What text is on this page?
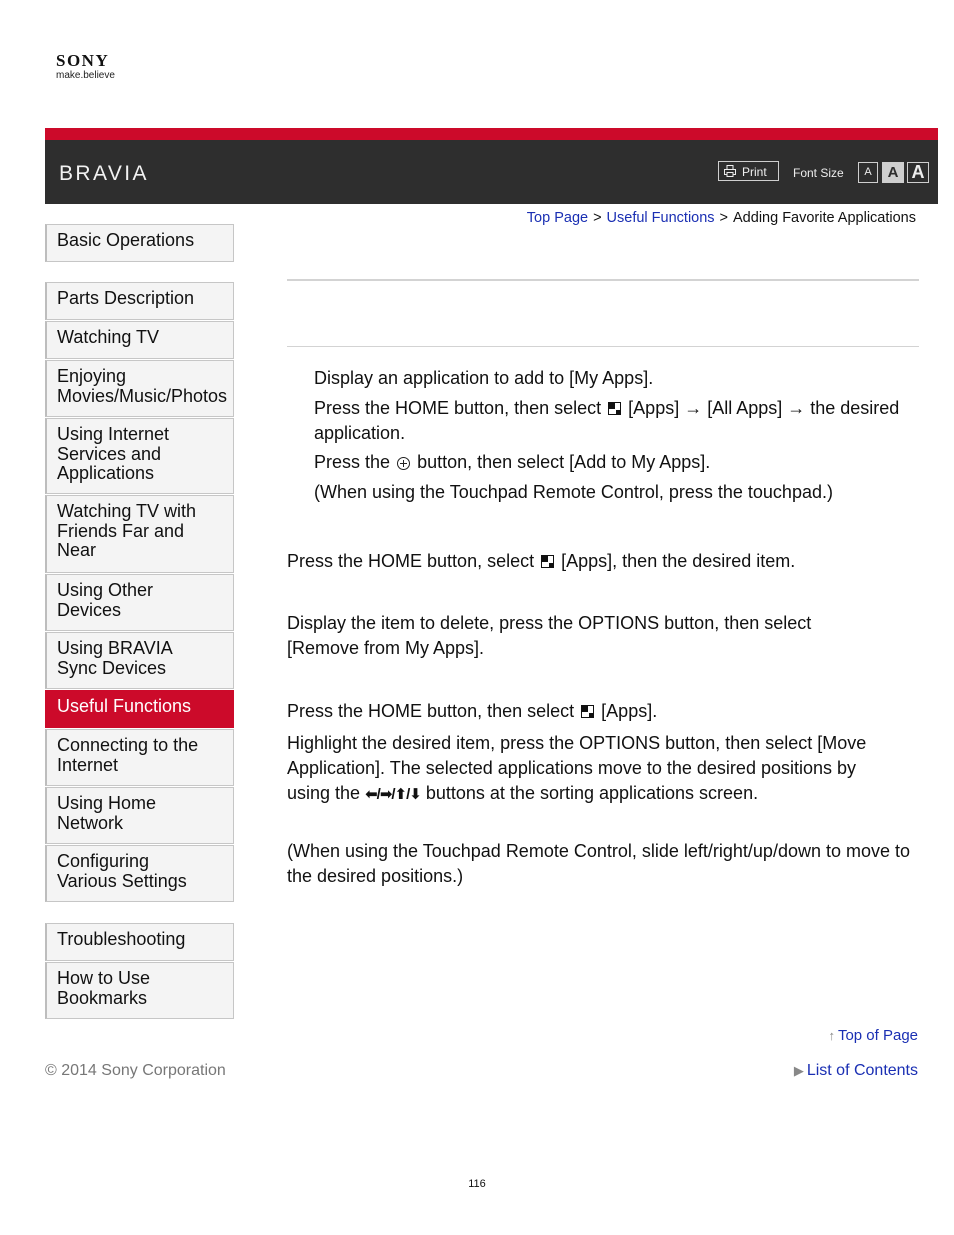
SONY
make.believe
BRAVIA	Print	Font Size	A	A A
Top Page > Useful Functions > Adding Favorite Applications
Basic Operations
Parts Description
Watching TV
Enjoying
Movies/Music/Photos
Using Internet
Services and
Applications
Watching TV with
Friends Far and
Near
Using Other
Devices
Using BRAVIA
Sync Devices
Useful Functions
Connecting to the
Internet
Using Home
Network
Configuring
Various Settings
Troubleshooting
How to Use
Bookmarks
Display an application to add to [My Apps].
Press the HOME button, then select [Apps] → [All Apps] → the desired application.
Press the button, then select [Add to My Apps].
(When using the Touchpad Remote Control, press the touchpad.)
Press the HOME button, select [Apps], then the desired item.
Display the item to delete, press the OPTIONS button, then select [Remove from My Apps].
Press the HOME button, then select [Apps].
Highlight the desired item, press the OPTIONS button, then select [Move Application]. The selected applications move to the desired positions by using the ⬅/➡/⬆/⬇ buttons at the sorting applications screen.
(When using the Touchpad Remote Control, slide left/right/up/down to move to the desired positions.)
↑ Top of Page
© 2014 Sony Corporation	▶ List of Contents
116
